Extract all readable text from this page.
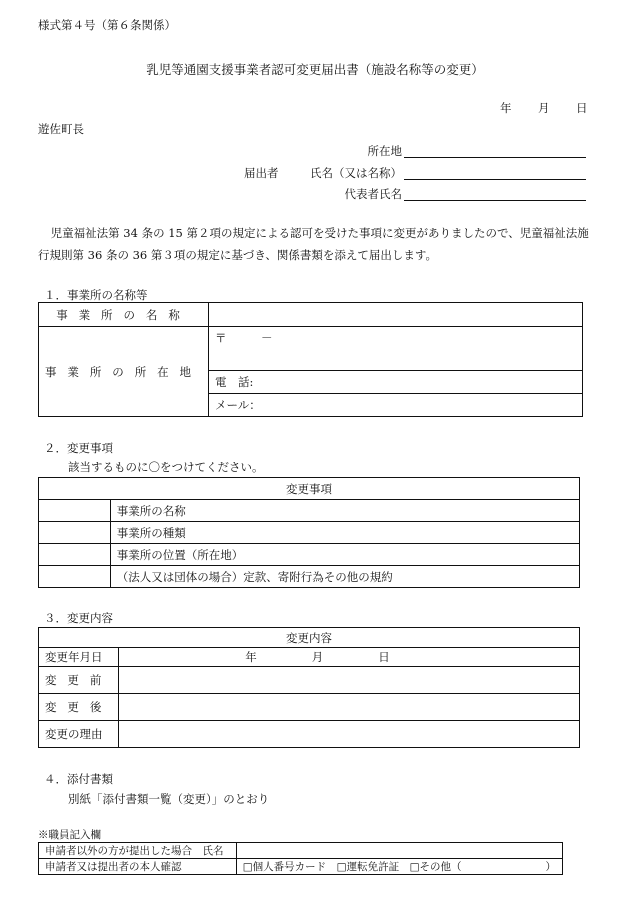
様式第４号（第６条関係）
乳児等通園支援事業者認可変更届出書（施設名称等の変更）
年 月 日
遊佐町長
所在地
届出者	氏名（又は名称）
代表者氏名
児童福祉法第 34 条の 15 第２項の規定による認可を受けた事項に変更がありましたので、児童福祉法施行規則第 36 条の 36 第３項の規定に基づき、関係書類を添えて届出します。
１．事業所の名称等
事業所の名称	
事業所の所在地	〒　　　－
	電　話:
	メール：
２．変更事項
該当するものに〇をつけてください。
変更事項	
	事業所の名称
	事業所の種類
	事業所の位置（所在地）
	（法人又は団体の場合）定款、寄附行為その他の規約
３．変更内容
変更内容	
変更年月日	年 月 日
変更前	
変更後	
変更の理由	
４．添付書類
別紙「添付書類一覧（変更）」のとおり
※職員記入欄
申請者以外の方が提出した場合　氏名	
申請者又は提出者の本人確認	□個人番号カード　□運転免許証　□その他（　　　　　　　　）
